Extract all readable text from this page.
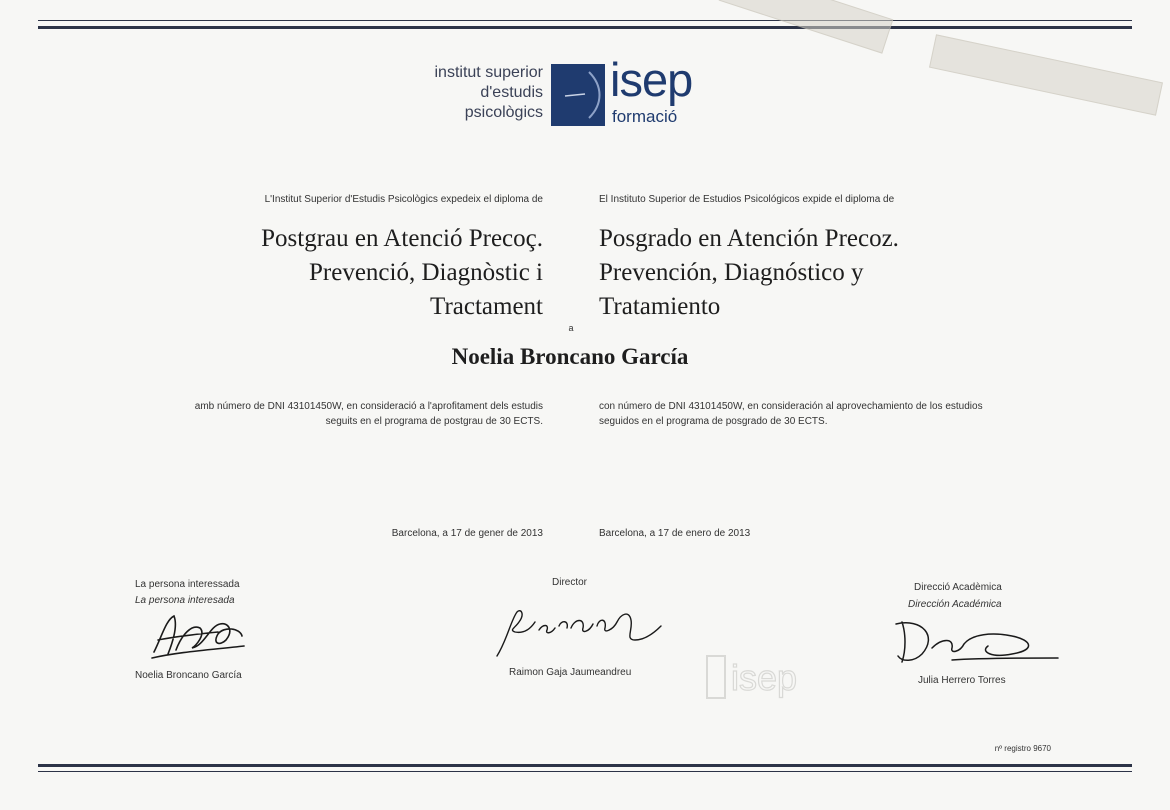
institut superior
d'estudis
psicològics
isep
formació
L'Institut Superior d'Estudis Psicològics expedeix el diploma de	El Instituto Superior de Estudios Psicológicos expide el diploma de
Postgrau en Atenció Precoç.
Prevenció, Diagnòstic i
Tractament
Posgrado en Atención Precoz.
Prevención, Diagnóstico y
Tratamiento
a
Noelia Broncano García
amb número de DNI 43101450W, en consideració a l'aprofitament dels estudis
seguits en el programa de postgrau de 30 ECTS.
con número de DNI 43101450W, en consideración al aprovechamiento de los estudios
seguidos en el programa de posgrado de 30 ECTS.
Barcelona, a 17 de gener de 2013	Barcelona, a 17 de enero de 2013
La persona interessada
La persona interesada
Noelia Broncano García
Director
Raimon Gaja Jaumeandreu
Direcció Acadèmica
Dirección Académica
Julia Herrero Torres
isep
nº registro 9670
